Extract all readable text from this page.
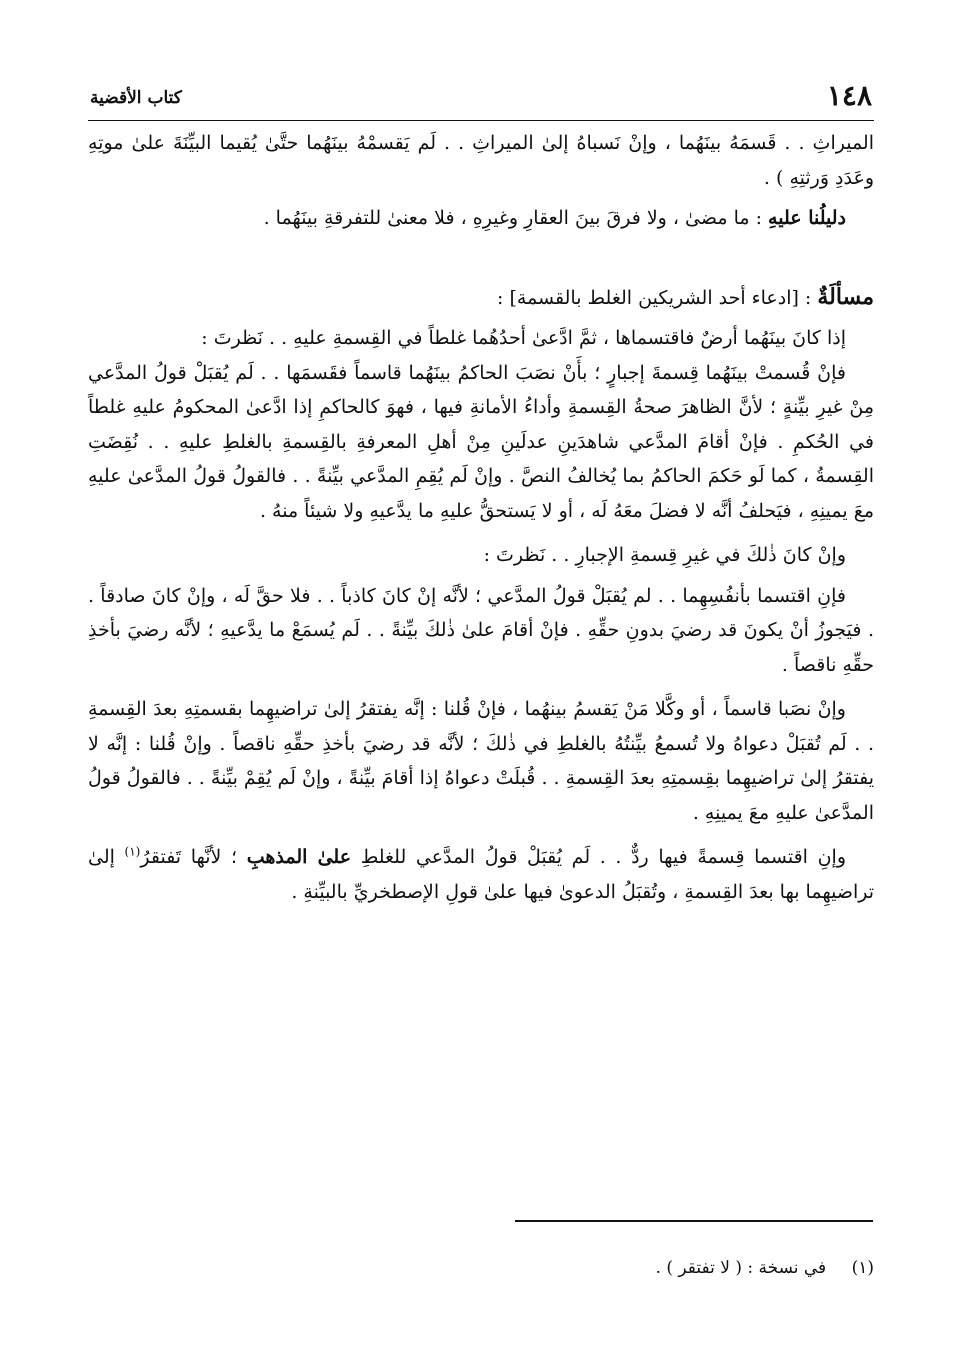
١٤٨
كتاب الأقضية

الميراثِ . . قَسمَهُ بينَهُما ، وإنْ نَسباهُ إلىٰ الميراثِ . . لَم يَقسمْهُ بينَهُما حتَّىٰ يُقيما البيِّنَةَ علىٰ موتِهِ وعَدَدِ وَرثتِهِ ) .

دليلُنا عليهِ : ما مضىٰ ، ولا فرقَ بينَ العقارِ وغيرِهِ ، فلا معنىٰ للتفرقةِ بينَهُما .

مسألَةٌ : [ادعاء أحد الشريكين الغلط بالقسمة] :

إذا كانَ بينَهُما أرضٌ فاقتسماها ، ثمَّ ادَّعىٰ أحدُهُما غلطاً في القِسمةِ عليهِ . . نَظرتَ :

فإنْ قُسمتْ بينَهُما قِسمةَ إجبارٍ ؛ بأَنْ نصَبَ الحاكمُ بينَهُما قاسماً فقَسمَها . . لَم يُقبَلْ قولُ المدَّعي مِنْ غيرِ بيِّنةٍ ؛ لأنَّ الظاهرَ صحةُ القِسمةِ وأداءُ الأمانةِ فيها ، فهوَ كالحاكمِ إذا ادَّعىٰ المحكومُ عليهِ غلطاً في الحُكمِ . فإنْ أقامَ المدَّعي شاهدَينِ عدلَينِ مِنْ أهلِ المعرفةِ بالقِسمةِ بالغلطِ عليهِ . . نُقِضَتِ القِسمةُ ، كما لَو حَكمَ الحاكمُ بما يُخالفُ النصَّ . وإنْ لَم يُقِمِ المدَّعي بيِّنةً . . فالقولُ قولُ المدَّعىٰ عليهِ معَ يمينِهِ ، فيَحلفُ أنَّه لا فضلَ معَهُ لَه ، أو لا يَستحقُّ عليهِ ما يدَّعيهِ ولا شيئاً منهُ .

وإنْ كانَ ذٰلكَ في غيرِ قِسمةِ الإجبارِ . . نَظرتَ :

فإنِ اقتسما بأنفُسِهِما . . لم يُقبَلْ قولُ المدَّعي ؛ لأنَّه إنْ كانَ كاذباً . . فلا حقَّ لَه ، وإنْ كانَ صادقاً . . فيَجوزُ أنْ يكونَ قد رضيَ بدونِ حقِّهِ . فإنْ أقامَ علىٰ ذٰلكَ بيِّنةً . . لَم يُسمَعْ ما يدَّعيهِ ؛ لأنَّه رضيَ بأخذِ حقِّهِ ناقصاً .

وإنْ نصَبا قاسماً ، أو وكَّلا مَنْ يَقسمُ بينهُما ، فإنْ قُلنا : إنَّه يفتقرُ إلىٰ تراضيهِما بقسمتِهِ بعدَ القِسمةِ . . لَم تُقبَلْ دعواهُ ولا تُسمعُ بيِّنتُهُ بالغلطِ في ذٰلكَ ؛ لأنَّه قد رضيَ بأخذِ حقِّهِ ناقصاً . وإنْ قُلنا : إنَّه لا يفتقرُ إلىٰ تراضيهِما بقِسمتِهِ بعدَ القِسمةِ . . قُبلَتْ دعواهُ إذا أقامَ بيِّنةً ، وإنْ لَم يُقِمْ بيِّنةً . . فالقولُ قولُ المدَّعىٰ عليهِ معَ يمينِهِ .

وإنِ اقتسما قِسمةً فيها ردٌّ . . لَم يُقبَلْ قولُ المدَّعي للغلطِ علىٰ المذهبِ ؛ لأنَّها تَفتقرُ$^{(١)}$ إلىٰ تراضيهِما بها بعدَ القِسمةِ ، وتُقبَلُ الدعوىٰ فيها علىٰ قولِ الإصطخريِّ بالبيِّنةِ .

(١) في نسخة : ( لا تفتقر ) .
